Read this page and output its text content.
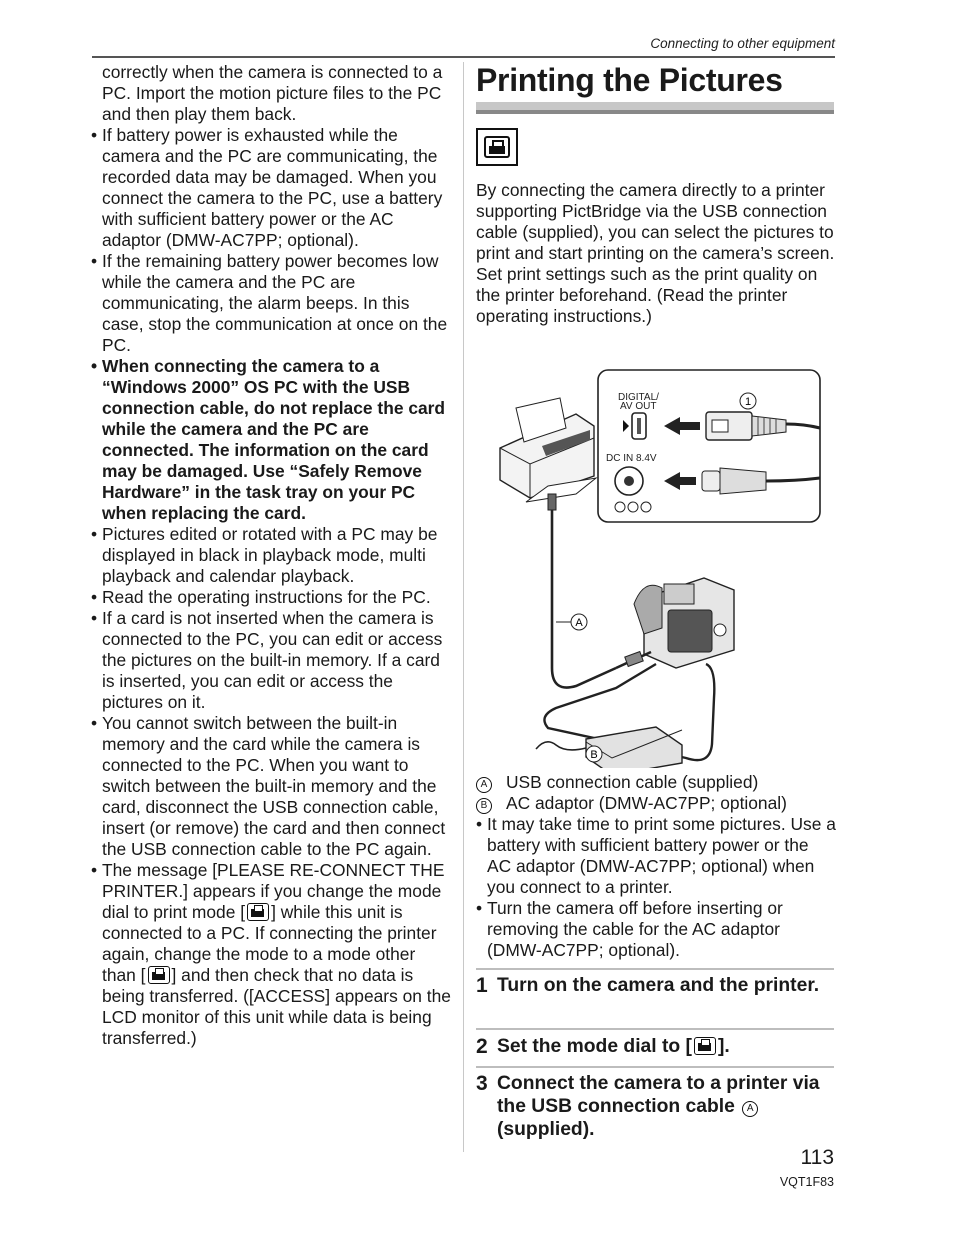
Connecting to other equipment

correctly when the camera is connected to a PC. Import the motion picture files to the PC and then play them back.

• If battery power is exhausted while the camera and the PC are communicating, the recorded data may be damaged. When you connect the camera to the PC, use a battery with sufficient battery power or the AC adaptor (DMW-AC7PP; optional).

• If the remaining battery power becomes low while the camera and the PC are communicating, the alarm beeps. In this case, stop the communication at once on the PC.

• When connecting the camera to a “Windows 2000” OS PC with the USB connection cable, do not replace the card while the camera and the PC are connected. The information on the card may be damaged. Use “Safely Remove Hardware” in the task tray on your PC when replacing the card.

• Pictures edited or rotated with a PC may be displayed in black in playback mode, multi playback and calendar playback.

• Read the operating instructions for the PC.

• If a card is not inserted when the camera is connected to the PC, you can edit or access the pictures on the built-in memory. If a card is inserted, you can edit or access the pictures on it.

• You cannot switch between the built-in memory and the card while the camera is connected to the PC. When you want to switch between the built-in memory and the card, disconnect the USB connection cable, insert (or remove) the card and then connect the USB connection cable to the PC again.

• The message [PLEASE RE-CONNECT THE PRINTER.] appears if you change the mode dial to print mode [ ] while this unit is connected to a PC. If connecting the printer again, change the mode to a mode other than [ ] and then check that no data is being transferred. ([ACCESS] appears on the LCD monitor of this unit while data is being transferred.)

Printing the Pictures

By connecting the camera directly to a printer supporting PictBridge via the USB connection cable (supplied), you can select the pictures to print and start printing on the camera’s screen.

Set print settings such as the print quality on the printer beforehand. (Read the printer operating instructions.)

DIGITAL/
AV OUT	1
DC IN 8.4V
A
B

A USB connection cable (supplied)

B AC adaptor (DMW-AC7PP; optional)

• It may take time to print some pictures. Use a battery with sufficient battery power or the AC adaptor (DMW-AC7PP; optional) when you connect to a printer.

• Turn the camera off before inserting or removing the cable for the AC adaptor (DMW-AC7PP; optional).

1 Turn on the camera and the printer.
2 Set the mode dial to [ ].
3 Connect the camera to a printer via the USB connection cable A
(supplied).
113
VQT1F83
